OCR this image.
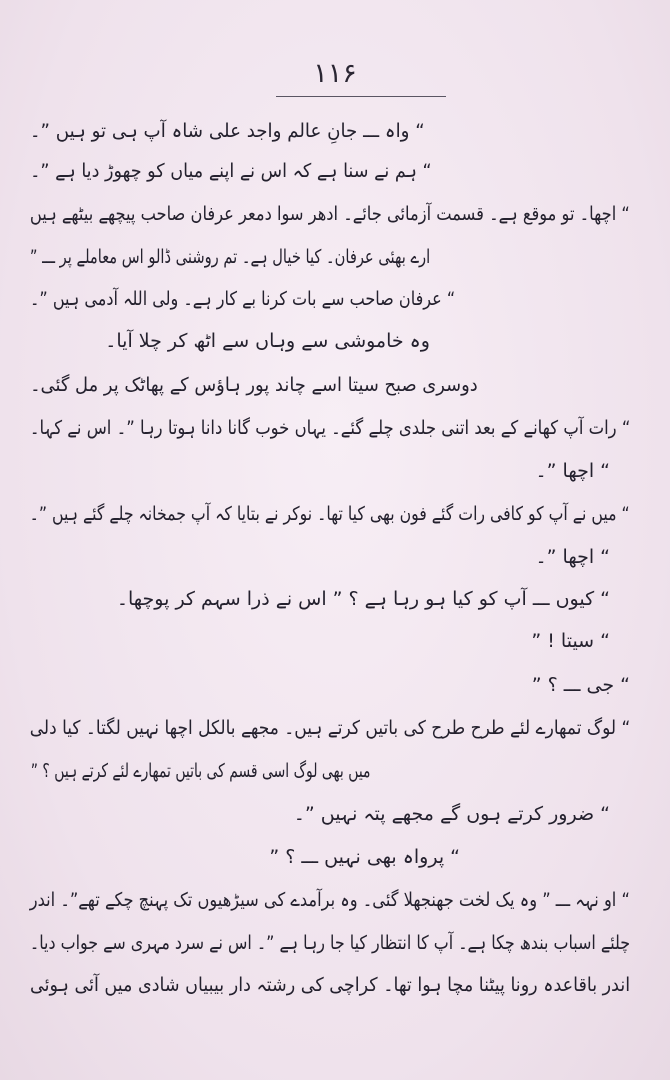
۱۱۶
“ واہ ـــ جانِ عالم واجد علی شاہ آپ ہی تو ہیں ”۔
“ ہم نے سنا ہے کہ اس نے اپنے میاں کو چھوڑ دیا ہے ”۔
“ اچھا۔ تو موقع ہے۔ قسمت آزمائی جائے۔ ادھر سوا دمعر عرفان صاحب پیچھے بیٹھے ہیں
ارے بھئی عرفان۔ کیا خیال ہے۔ تم روشنی ڈالو اس معاملے پر ـــ ”
“ عرفان صاحب سے بات کرنا بے کار ہے۔ ولی اللہ آدمی ہیں ”۔
وہ خاموشی سے وہاں سے اٹھ کر چلا آیا۔
دوسری صبح سیتا اسے چاند پور ہاؤس کے پھاٹک پر مل گئی۔
“ رات آپ کھانے کے بعد اتنی جلدی چلے گئے۔ یہاں خوب گانا دانا ہوتا رہا ”۔ اس نے کہا۔
“ اچھا ”۔
“ میں نے آپ کو کافی رات گئے فون بھی کیا تھا۔ نوکر نے بتایا کہ آپ جمخانہ چلے گئے ہیں ”۔
“ اچھا ”۔
“ کیوں ـــ آپ کو کیا ہو رہا ہے ؟ ” اس نے ذرا سہم کر پوچھا۔
“ سیتا ! ”
“ جی ـــ ؟ ”
“ لوگ تمھارے لئے طرح طرح کی باتیں کرتے ہیں۔ مجھے بالکل اچھا نہیں لگتا۔ کیا دلی
میں بھی لوگ اسی قسم کی باتیں تمھارے لئے کرتے ہیں ؟ ”
“ ضرور کرتے ہوں گے مجھے پتہ نہیں ”۔
“ پرواہ بھی نہیں ـــ ؟ ”
“ او نہہ ـــ ” وہ یک لخت جھنجھلا گئی۔ وہ برآمدے کی سیڑھیوں تک پہنچ چکے تھے”۔ اندر
چلئے اسباب بندھ چکا ہے۔ آپ کا انتظار کیا جا رہا ہے ”۔ اس نے سرد مہری سے جواب دیا۔
اندر باقاعدہ رونا پیٹنا مچا ہوا تھا۔ کراچی کی رشتہ دار بیبیاں شادی میں آئی ہوئی
